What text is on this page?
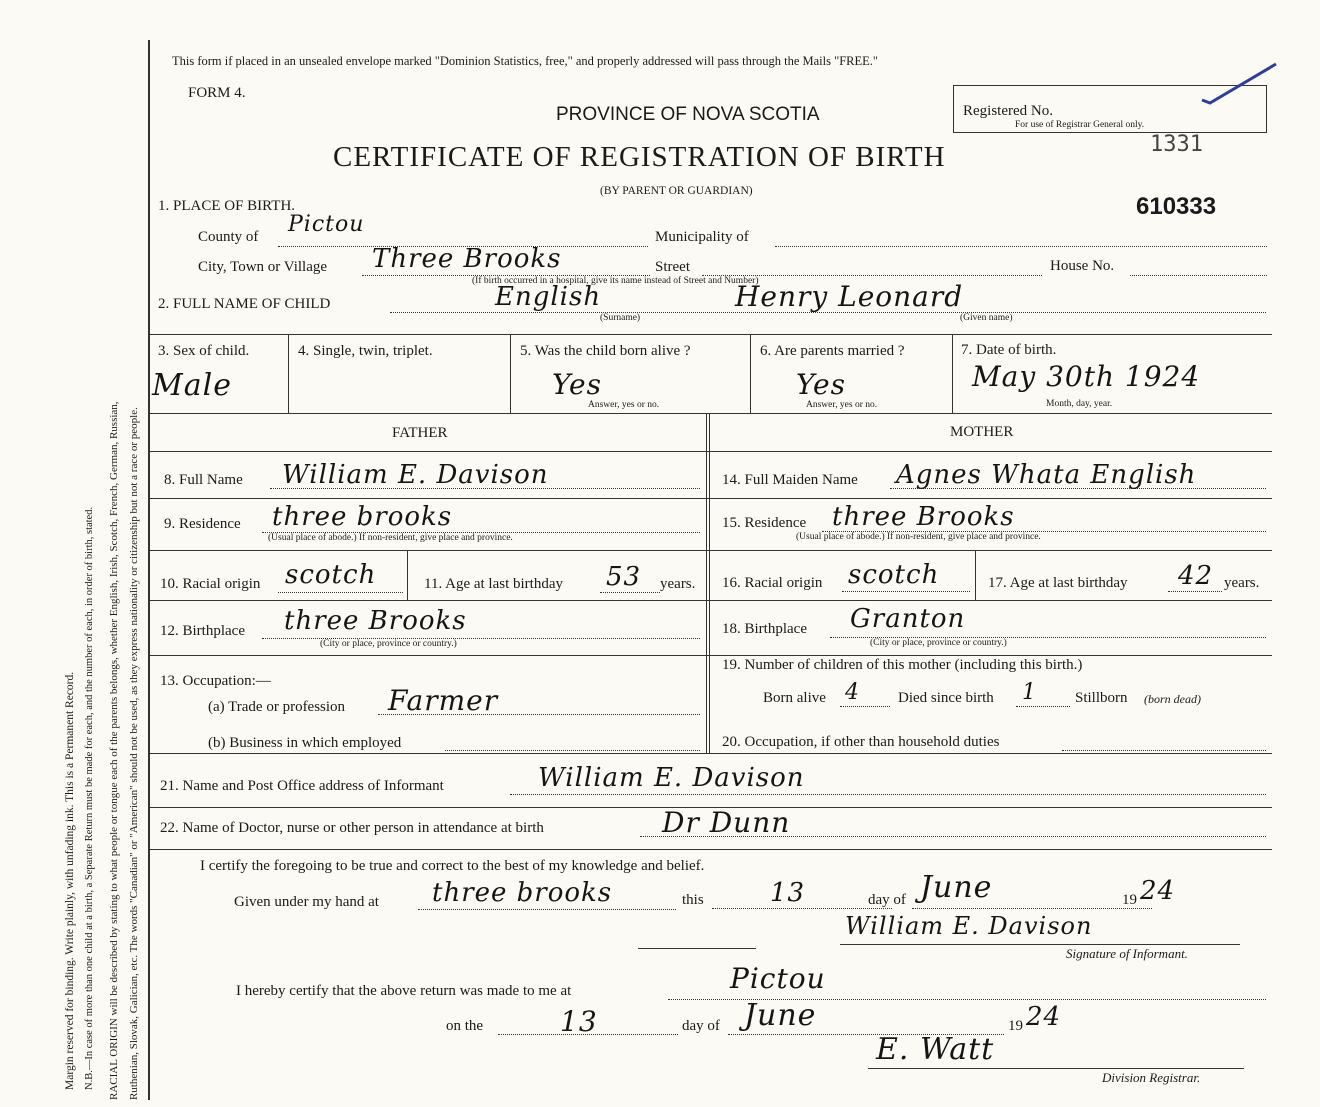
Margin reserved for binding. Write plainly, with unfading ink. This is a Permanent Record. N.B.—In case of more than one child at a birth, a Separate Return must be made for each, and the number of each, in order of birth, stated. RACIAL ORIGIN will be described by stating to what people or tongue each of the parents belongs, whether English, Irish, Scotch, French, German, Russian, Ruthenian, Slovak, Galician, etc. The words "Canadian" or "American" should not be used, as they express nationality or citizenship but not a race or people.
This form if placed in an unsealed envelope marked "Dominion Statistics, free," and properly addressed will pass through the Mails "FREE."
FORM 4.
PROVINCE OF NOVA SCOTIA
CERTIFICATE OF REGISTRATION OF BIRTH
(BY PARENT OR GUARDIAN)
Registered No.
For use of Registrar General only.
1331
610333
1. PLACE OF BIRTH.
County of Pictou	Municipality of
City, Town or Village Three Brooks	Street	House No.
(If birth occurred in a hospital, give its name instead of Street and Number)
2. FULL NAME OF CHILD	English	Henry Leonard
(Surname)	(Given name)
3. Sex of child.
Male
4. Single, twin, triplet.	5. Was the child born alive ?
Yes
Answer, yes or no.
6. Are parents married ?
Yes
Answer, yes or no.
7. Date of birth.
May 30th 1924
Month, day, year.
FATHER	MOTHER
8. Full Name William E. Davison
9. Residence three brooks
(Usual place of abode.) If non-resident, give place and province.
10. Racial origin scotch	11. Age at last birthday 53 years.
12. Birthplace three Brooks
(City or place, province or country.)
13. Occupation:—
(a) Trade or profession Farmer
(b) Business in which employed
14. Full Maiden Name Agnes Whata English
15. Residence three Brooks
(Usual place of abode.) If non-resident, give place and province.
16. Racial origin scotch	17. Age at last birthday 42 years.
18. Birthplace Granton
(City or place, province or country.)
19. Number of children of this mother (including this birth.)
Born alive 4	Died since birth 1	Stillborn (born dead)
20. Occupation, if other than household duties
21. Name and Post Office address of Informant	William E. Davison
22. Name of Doctor, nurse or other person in attendance at birth	Dr Dunn
I certify the foregoing to be true and correct to the best of my knowledge and belief.
Given under my hand at three brooks	this	13	day of June	19 24
William E. Davison
Signature of Informant.
I hereby certify that the above return was made to me at	Pictou
on the	13	day of June	19 24
E. Watt
Division Registrar.
